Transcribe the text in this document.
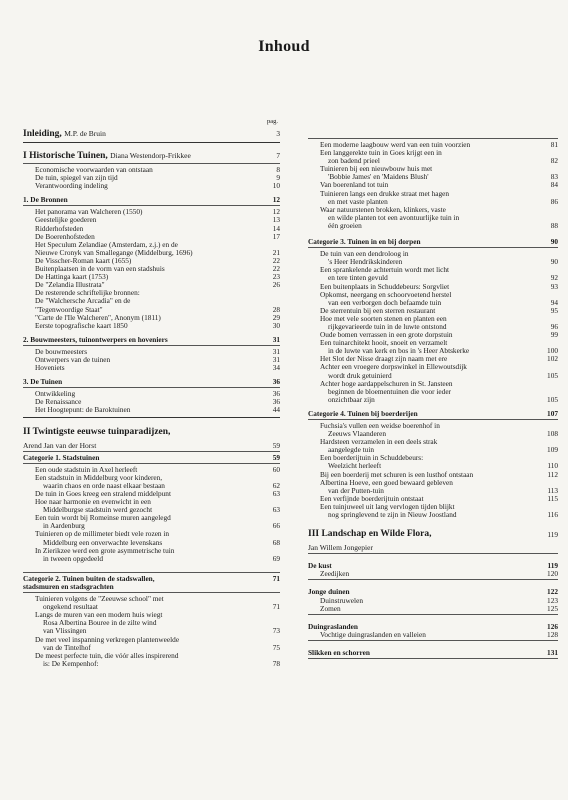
Inhoud
pag.
Inleiding, M.P. de Bruin	3
I Historische Tuinen, Diana Westendorp-Frikkee	7
Economische voorwaarden van ontstaan	8
De tuin, spiegel van zijn tijd	9
Verantwoording indeling	10
1. De Bronnen	12
Het panorama van Walcheren (1550)	12
Geestelijke goederen	13
Ridderhofsteden	14
De Boerenhofsteden	17
Het Speculum Zelandiae (Amsterdam, z.j.) en de
Nieuwe Cronyk van Smallegange (Middelburg, 1696)	21
De Visscher-Roman kaart (1655)	22
Buitenplaatsen in de vorm van een stadshuis	22
De Hattinga kaart (1753)	23
De "Zelandia Illustrata"	26
De resterende schriftelijke bronnen:
De "Walchersche Arcadia" en de
"Tegenwoordige Staat"	28
"Carte de l'Ile Walcheren", Anonym (1811)	29
Eerste topografische kaart 1850	30
2. Bouwmeesters, tuinontwerpers en hoveniers	31
De bouwmeesters	31
Ontwerpers van de tuinen	31
Hoveniets	34
3. De Tuinen	36
Ontwikkeling	36
De Renaissance	36
Het Hoogtepunt: de Baroktuinen	44
II Twintigste eeuwse tuinparadijzen,
Arend Jan van der Horst	59
Categorie 1. Stadstuinen	59
Een oude stadstuin in Axel herleeft	60
Een stadstuin in Middelburg voor kinderen,
waarin chaos en orde naast elkaar bestaan	62
De tuin in Goes kreeg een stralend middelpunt	63
Hoe naar harmonie en evenwicht in een
Middelburgse stadstuin werd gezocht	63
Een tuin wordt bij Romeinse muren aangelegd
in Aardenburg	66
Tuinieren op de millimeter biedt vele rozen in
Middelburg een onverwachte levenskans	68
In Zierikzee werd een grote asymmetrische tuin
in tweeen opgedeeld	69
Categorie 2. Tuinen buiten de stadswallen,	71
stadsmuren en stadsgrachten
Tuinieren volgens de "Zeeuwse school" met
ongekend resultaat	71
Langs de muren van een modern huis wiegt
Rosa Albertina Bouree in de zilte wind
van Vlissingen	73
De met veel inspanning verkregen plantenweelde
van de Tintelhof	75
De meest perfecte tuin, die vóór alles inspirerend
is: De Kempenhof:	78
Een moderne laagbouw werd van een tuin voorzien	81
Een langgerekte tuin in Goes krijgt een in
zon badend prieel	82
Tuinieren bij een nieuwbouw huis met
'Bobbie James' en 'Maidens Blush'	83
Van boerenland tot tuin	84
Tuinieren langs een drukke straat met hagen
en met vaste planten	86
Waar natuurstenen brokken, klinkers, vaste
en wilde planten tot een avontuurlijke tuin in
één groeien	88
Categorie 3. Tuinen in en bij dorpen	90
De tuin van een dendroloog in
's Heer Hendrikskinderen	90
Een sprankelende achtertuin wordt met licht
en tere tinten gevuld	92
Een buitenplaats in Schuddebeurs: Sorgvliet	93
Opkomst, neergang en schoorvoetend herstel
van een verborgen doch befaamde tuin	94
De sterrentuin bij een sterren restaurant	95
Hoe met vele soorten stenen en planten een
rijkgevarieerde tuin in de luwte ontstond	96
Oude bomen verrassen in een grote dorpstuin	99
Een tuinarchitekt hooit, snoeit en verzamelt
in de luwte van kerk en bos in 's Heer Abtskerke	100
Het Slot der Nisse draagt zijn naam met ere	102
Achter een vroegere dorpswinkel in Ellewoutsdijk
wordt druk getuinierd	105
Achter hoge aardappelschuren in St. Jansteen
beginnen de bloementuinen die voor ieder
onzichtbaar zijn	105
Categorie 4. Tuinen bij boerderijen	107
Fuchsia's vullen een weidse boerenhof in
Zeeuws Vlaanderen	108
Hardsteen verzamelen in een deels strak
aangelegde tuin	109
Een boerderijtuin in Schuddebeurs:
Weelzicht herleeft	110
Bij een boerderij met schuren is een lusthof ontstaan	112
Albertina Hoeve, een goed bewaard gebleven
van der Putten-tuin	113
Een verfijnde boerderijtuin ontstaat	115
Een tuinjuweel uit lang vervlogen tijden blijkt
nog springlevend te zijn in Nieuw Joostland	116
III Landschap en Wilde Flora,	119
Jan Willem Jongepier
De kust	119
Zeedijken	120
Jonge duinen	122
Duinstruwelen	123
Zomen	125
Duingraslanden	126
Vochtige duingraslanden en valleien	128
Slikken en schorren	131
